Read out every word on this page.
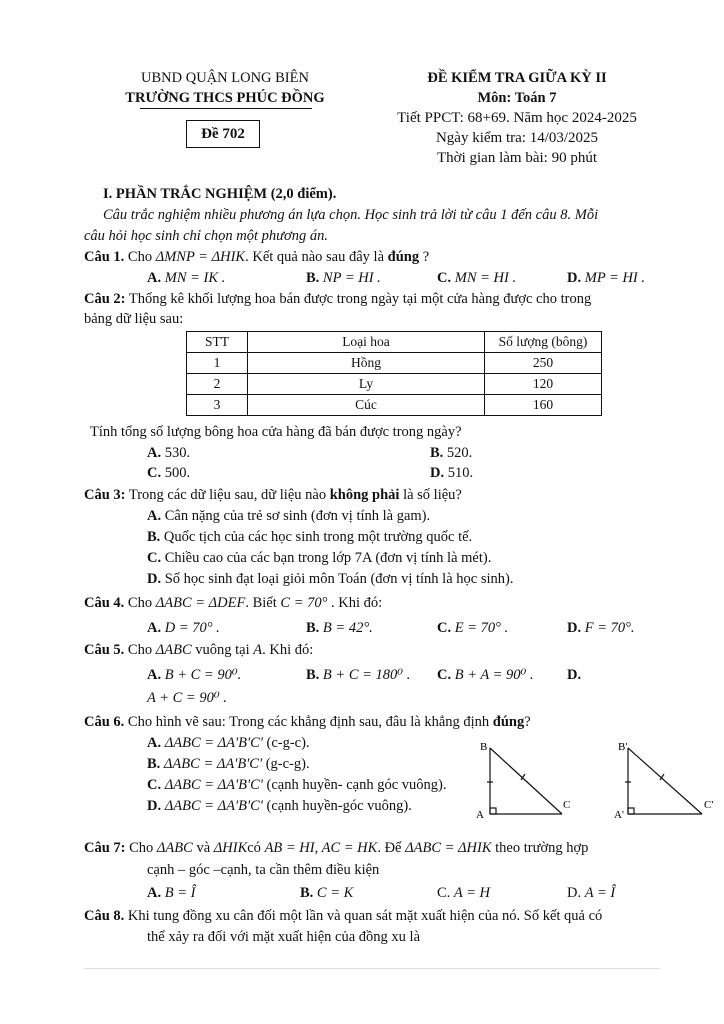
UBND QUẬN LONG BIÊN
TRƯỜNG THCS PHÚC ĐỒNG
Đề 702
ĐỀ KIỂM TRA GIỮA KỲ II
Môn: Toán 7
Tiết PPCT: 68+69. Năm học 2024-2025
Ngày kiểm tra: 14/03/2025
Thời gian làm bài: 90 phút
I. PHẦN TRẮC NGHIỆM (2,0 điểm).
Câu trắc nghiệm nhiều phương án lựa chọn. Học sinh trả lời từ câu 1 đến câu 8. Mỗi
câu hỏi học sinh chỉ chọn một phương án.
Câu 1. Cho ΔMNP = ΔHIK. Kết quả nào sau đây là đúng ?
A. MN = IK .	B. NP = HI .	C. MN = HI .	D. MP = HI .
Câu 2: Thống kê khối lượng hoa bán được trong ngày tại một cửa hàng được cho trong
bảng dữ liệu sau:
STT	Loại hoa	Số lượng (bông)
1	Hồng	250
2	Ly	120
3	Cúc	160
Tính tổng số lượng bông hoa cửa hàng đã bán được trong ngày?
A. 530.	B. 520.
C. 500.	D. 510.
Câu 3: Trong các dữ liệu sau, dữ liệu nào không phải là số liệu?
A. Cân nặng của trẻ sơ sinh (đơn vị tính là gam).
B. Quốc tịch của các học sinh trong một trường quốc tế.
C. Chiều cao của các bạn trong lớp 7A (đơn vị tính là mét).
D. Số học sinh đạt loại giỏi môn Toán (đơn vị tính là học sinh).
Câu 4. Cho ΔABC = ΔDEF. Biết C = 70° . Khi đó:
A. D = 70° .	B. B = 42°.	C. E = 70° .	D. F = 70°.
Câu 5. Cho ΔABC vuông tại A. Khi đó:
A. B + C = 90⁰.	B. B + C = 180⁰ . C. B + A = 90⁰ . D.
A + C = 90⁰ .
Câu 6. Cho hình vẽ sau: Trong các khẳng định sau, đâu là khẳng định đúng?
A. ΔABC = ΔA'B'C' (c-g-c).
B. ΔABC = ΔA'B'C' (g-c-g).
C. ΔABC = ΔA'B'C' (cạnh huyền- cạnh góc vuông).
D. ΔABC = ΔA'B'C' (cạnh huyền-góc vuông).
B
A
C
B'
A'
C'
Câu 7: Cho ΔABC và ΔHIKcó AB = HI, AC = HK. Để ΔABC = ΔHIK theo trường hợp
cạnh – góc –cạnh, ta cần thêm điều kiện
A. B = Î	B. C = K	C. A = H	D. A = Î
Câu 8. Khi tung đồng xu cân đối một lần và quan sát mặt xuất hiện của nó. Số kết quả có
thể xảy ra đối với mặt xuất hiện của đồng xu là
